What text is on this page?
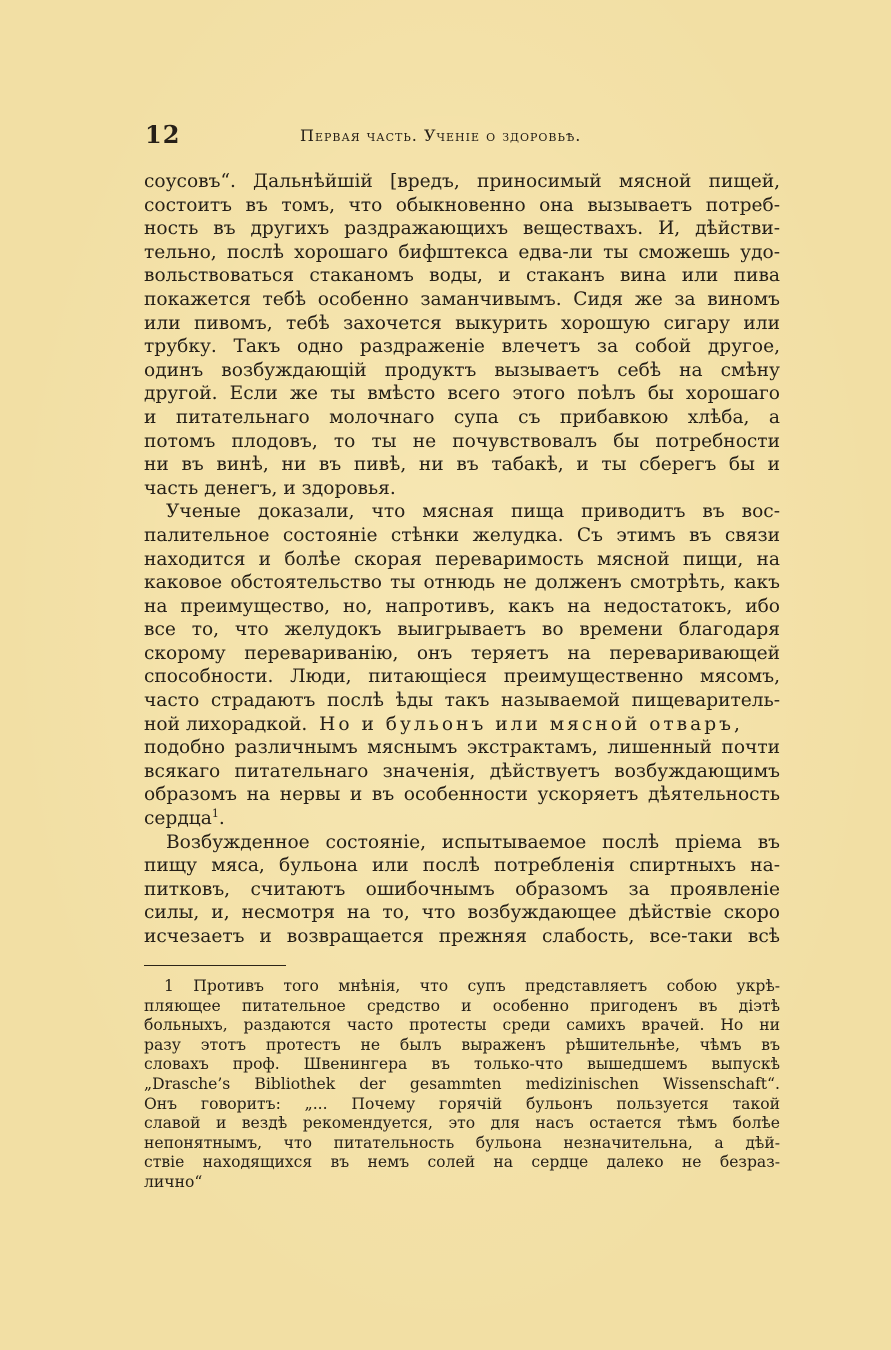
12	Первая часть. Ученiе о здоровьѣ.
соусовъ“. Дальнѣйшiй [вредъ, приносимый мясной пищей,
состоитъ въ томъ, что обыкновенно она вызываетъ потреб-
ность въ другихъ раздражающихъ веществахъ. И, дѣйстви-
тельно, послѣ хорошаго бифштекса едва-ли ты сможешь удо-
вольствоваться стаканомъ воды, и стаканъ вина или пива
покажется тебѣ особенно заманчивымъ. Сидя же за виномъ
или пивомъ, тебѣ захочется выкурить хорошую сигару или
трубку. Такъ одно раздраженiе влечетъ за собой другое,
одинъ возбуждающiй продуктъ вызываетъ себѣ на смѣну
другой. Если же ты вмѣсто всего этого поѣлъ бы хорошаго
и питательнаго молочнаго супа съ прибавкою хлѣба, а
потомъ плодовъ, то ты не почувствовалъ бы потребности
ни въ винѣ, ни въ пивѣ, ни въ табакѣ, и ты сберегъ бы и
часть денегъ, и здоровья.
Ученые доказали, что мясная пища приводитъ въ вос-
палительное состоянiе стѣнки желудка. Съ этимъ въ связи
находится и болѣе скорая переваримость мясной пищи, на
каковое обстоятельство ты отнюдь не долженъ смотрѣть, какъ
на преимущество, но, напротивъ, какъ на недостатокъ, ибо
все то, что желудокъ выигрываетъ во времени благодаря
скорому перевариванiю, онъ теряетъ на переваривающей
способности. Люди, питающiеся преимущественно мясомъ,
часто страдаютъ послѣ ѣды такъ называемой пищеваритель-
ной лихорадкой. Но и бульонъ или мясной отваръ,
подобно различнымъ мяснымъ экстрактамъ, лишенный почти
всякаго питательнаго значенiя, дѣйствуетъ возбуждающимъ
образомъ на нервы и въ особенности ускоряетъ дѣятельность
сердца$^1$.
Возбужденное состоянiе, испытываемое послѣ прiема въ
пищу мяса, бульона или послѣ потребленiя спиртныхъ на-
питковъ, считаютъ ошибочнымъ образомъ за проявленiе
силы, и, несмотря на то, что возбуждающее дѣйствiе скоро
исчезаетъ и возвращается прежняя слабость, все-таки всѣ
1 Противъ того мнѣнiя, что супъ представляетъ собою укрѣ-
пляющее питательное средство и особенно пригоденъ въ дiэтѣ
больныхъ, раздаются часто протесты среди самихъ врачей. Но ни
разу этотъ протестъ не былъ выраженъ рѣшительнѣе, чѣмъ въ
словахъ проф. Швенингера въ только-что вышедшемъ выпускѣ
„Drasche’s Bibliothek der gesammten medizinischen Wissenschaft“.
Онъ говоритъ: „... Почему горячiй бульонъ пользуется такой
славой и вездѣ рекомендуется, это для насъ остается тѣмъ болѣе
непонятнымъ, что питательность бульона незначительна, а дѣй-
ствiе находящихся въ немъ солей на сердце далеко не безраз-
лично“
